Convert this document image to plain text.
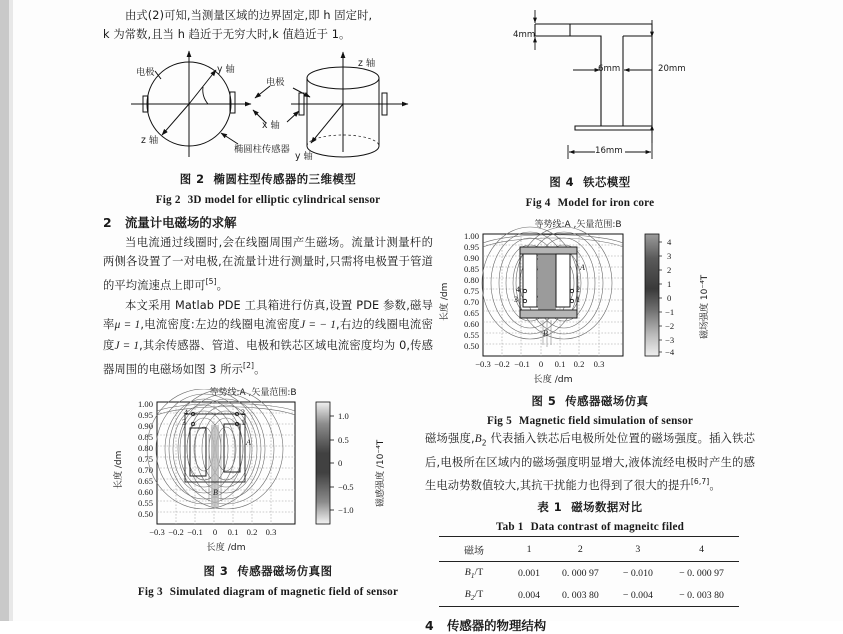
由式(2)可知,当测量区域的边界固定,即 h 固定时,
k 为常数,且当 h 趋近于无穷大时,k 值趋近于 1。

电极
电极
y 轴
x 轴
z 轴
z 轴
y 轴
椭圆柱传感器

图 2 椭圆柱型传感器的三维模型

Fig 2 3D model for elliptic cylindrical sensor

2 流量计电磁场的求解

当电流通过线圈时,会在线圈周围产生磁场。流量计测量杆的两侧各设置了一对电极,在流量计进行测量时,只需将电极置于管道的平均流速点上即可[5]。

本文采用 Matlab PDE 工具箱进行仿真,设置 PDE 参数,磁导率μ = 1,电流密度:左边的线圈电流密度J = − 1,右边的线圈电流密度J = 1,其余传感器、管道、电极和铁芯区域电流密度均为 0,传感器周围的电磁场如图 3 所示[2]。

等势线:A ,矢量范围:B
1.00
0.95
0.90
0.85
0.80
0.75
0.70
0.65
0.60
0.55
0.50
长度 /dm
4
3
2
1
A
B
−0.3 −0.2 −0.1	0	0.1 0.2 0.3
1.0
0.5
0
−0.5
−1.0
磁感强度 /10⁻⁴T
长度 /dm

图 3 传感器磁场仿真图

Fig 3 Simulated diagram of magnetic field of sensor

4mm
6mm	20mm
16mm

图 4 铁芯模型

Fig 4 Model for iron core

等势线:A ,矢量范围:B
1.00
0.95
0.90
0.85
0.80
0.75
0.70
0.65
0.60
0.55
0.50
长度 /dm	4
3
2
1
A
B
−0.3 −0.2 −0.1	0	0.1 0.2	0.3
4
3
2
1
0
−1
−2
−3
−4
磁场强度 10⁻⁴T
长度 /dm

图 5 传感器磁场仿真

Fig 5 Magnetic field simulation of sensor

磁场强度$,B_2$ 代表插入铁芯后电极所处位置的磁场强度。插入铁芯后,电极所在区域内的磁场强度明显增大,液体流经电极时产生的感生电动势数值较大,其抗干扰能力也得到了很大的提升[6,7]。

表 1 磁场数据对比

Tab 1 Data contrast of magneitc filed

磁场	1	2	3	4
$B_1/T$	0.001	0. 000 97	− 0.010	− 0. 000 97
$B_2/T$	0.004	0. 003 80	− 0.004	− 0. 003 80
4 传感器的物理结构
